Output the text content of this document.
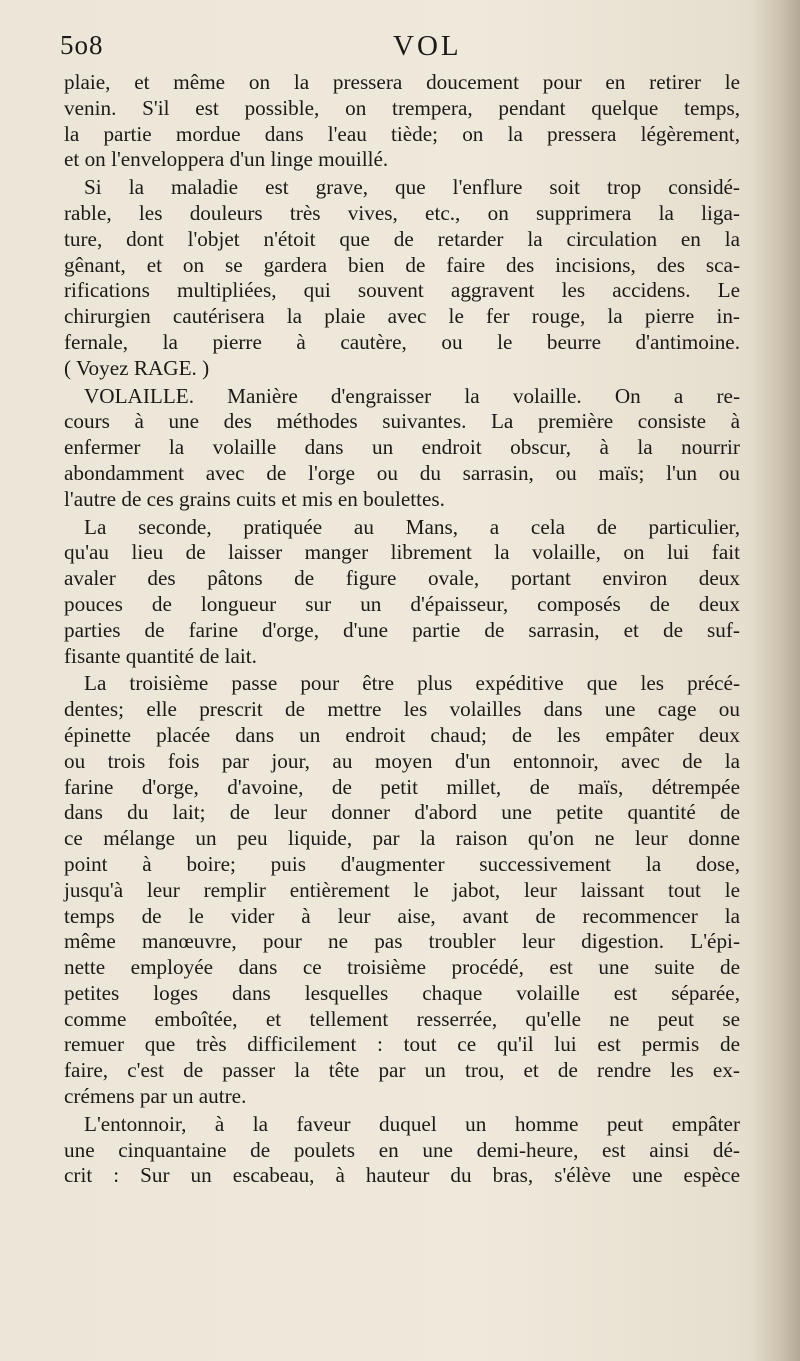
5o8	VOL

plaie, et même on la pressera doucement pour en retirer le
venin. S'il est possible, on trempera, pendant quelque temps,
la partie mordue dans l'eau tiède; on la pressera légèrement,
et on l'enveloppera d'un linge mouillé.

Si la maladie est grave, que l'enflure soit trop considé-
rable, les douleurs très vives, etc., on supprimera la liga-
ture, dont l'objet n'étoit que de retarder la circulation en la
gênant, et on se gardera bien de faire des incisions, des sca-
rifications multipliées, qui souvent aggravent les accidens. Le
chirurgien cautérisera la plaie avec le fer rouge, la pierre in-
fernale, la pierre à cautère, ou le beurre d'antimoine.
( Voyez RAGE. )

VOLAILLE. Manière d'engraisser la volaille. On a re-
cours à une des méthodes suivantes. La première consiste à
enfermer la volaille dans un endroit obscur, à la nourrir
abondamment avec de l'orge ou du sarrasin, ou maïs; l'un ou
l'autre de ces grains cuits et mis en boulettes.

La seconde, pratiquée au Mans, a cela de particulier,
qu'au lieu de laisser manger librement la volaille, on lui fait
avaler des pâtons de figure ovale, portant environ deux
pouces de longueur sur un d'épaisseur, composés de deux
parties de farine d'orge, d'une partie de sarrasin, et de suf-
fisante quantité de lait.

La troisième passe pour être plus expéditive que les précé-
dentes; elle prescrit de mettre les volailles dans une cage ou
épinette placée dans un endroit chaud; de les empâter deux
ou trois fois par jour, au moyen d'un entonnoir, avec de la
farine d'orge, d'avoine, de petit millet, de maïs, détrempée
dans du lait; de leur donner d'abord une petite quantité de
ce mélange un peu liquide, par la raison qu'on ne leur donne
point à boire; puis d'augmenter successivement la dose,
jusqu'à leur remplir entièrement le jabot, leur laissant tout le
temps de le vider à leur aise, avant de recommencer la
même manœuvre, pour ne pas troubler leur digestion. L'épi-
nette employée dans ce troisième procédé, est une suite de
petites loges dans lesquelles chaque volaille est séparée,
comme emboîtée, et tellement resserrée, qu'elle ne peut se
remuer que très difficilement : tout ce qu'il lui est permis de
faire, c'est de passer la tête par un trou, et de rendre les ex-
crémens par un autre.

L'entonnoir, à la faveur duquel un homme peut empâter
une cinquantaine de poulets en une demi-heure, est ainsi dé-
crit : Sur un escabeau, à hauteur du bras, s'élève une espèce
